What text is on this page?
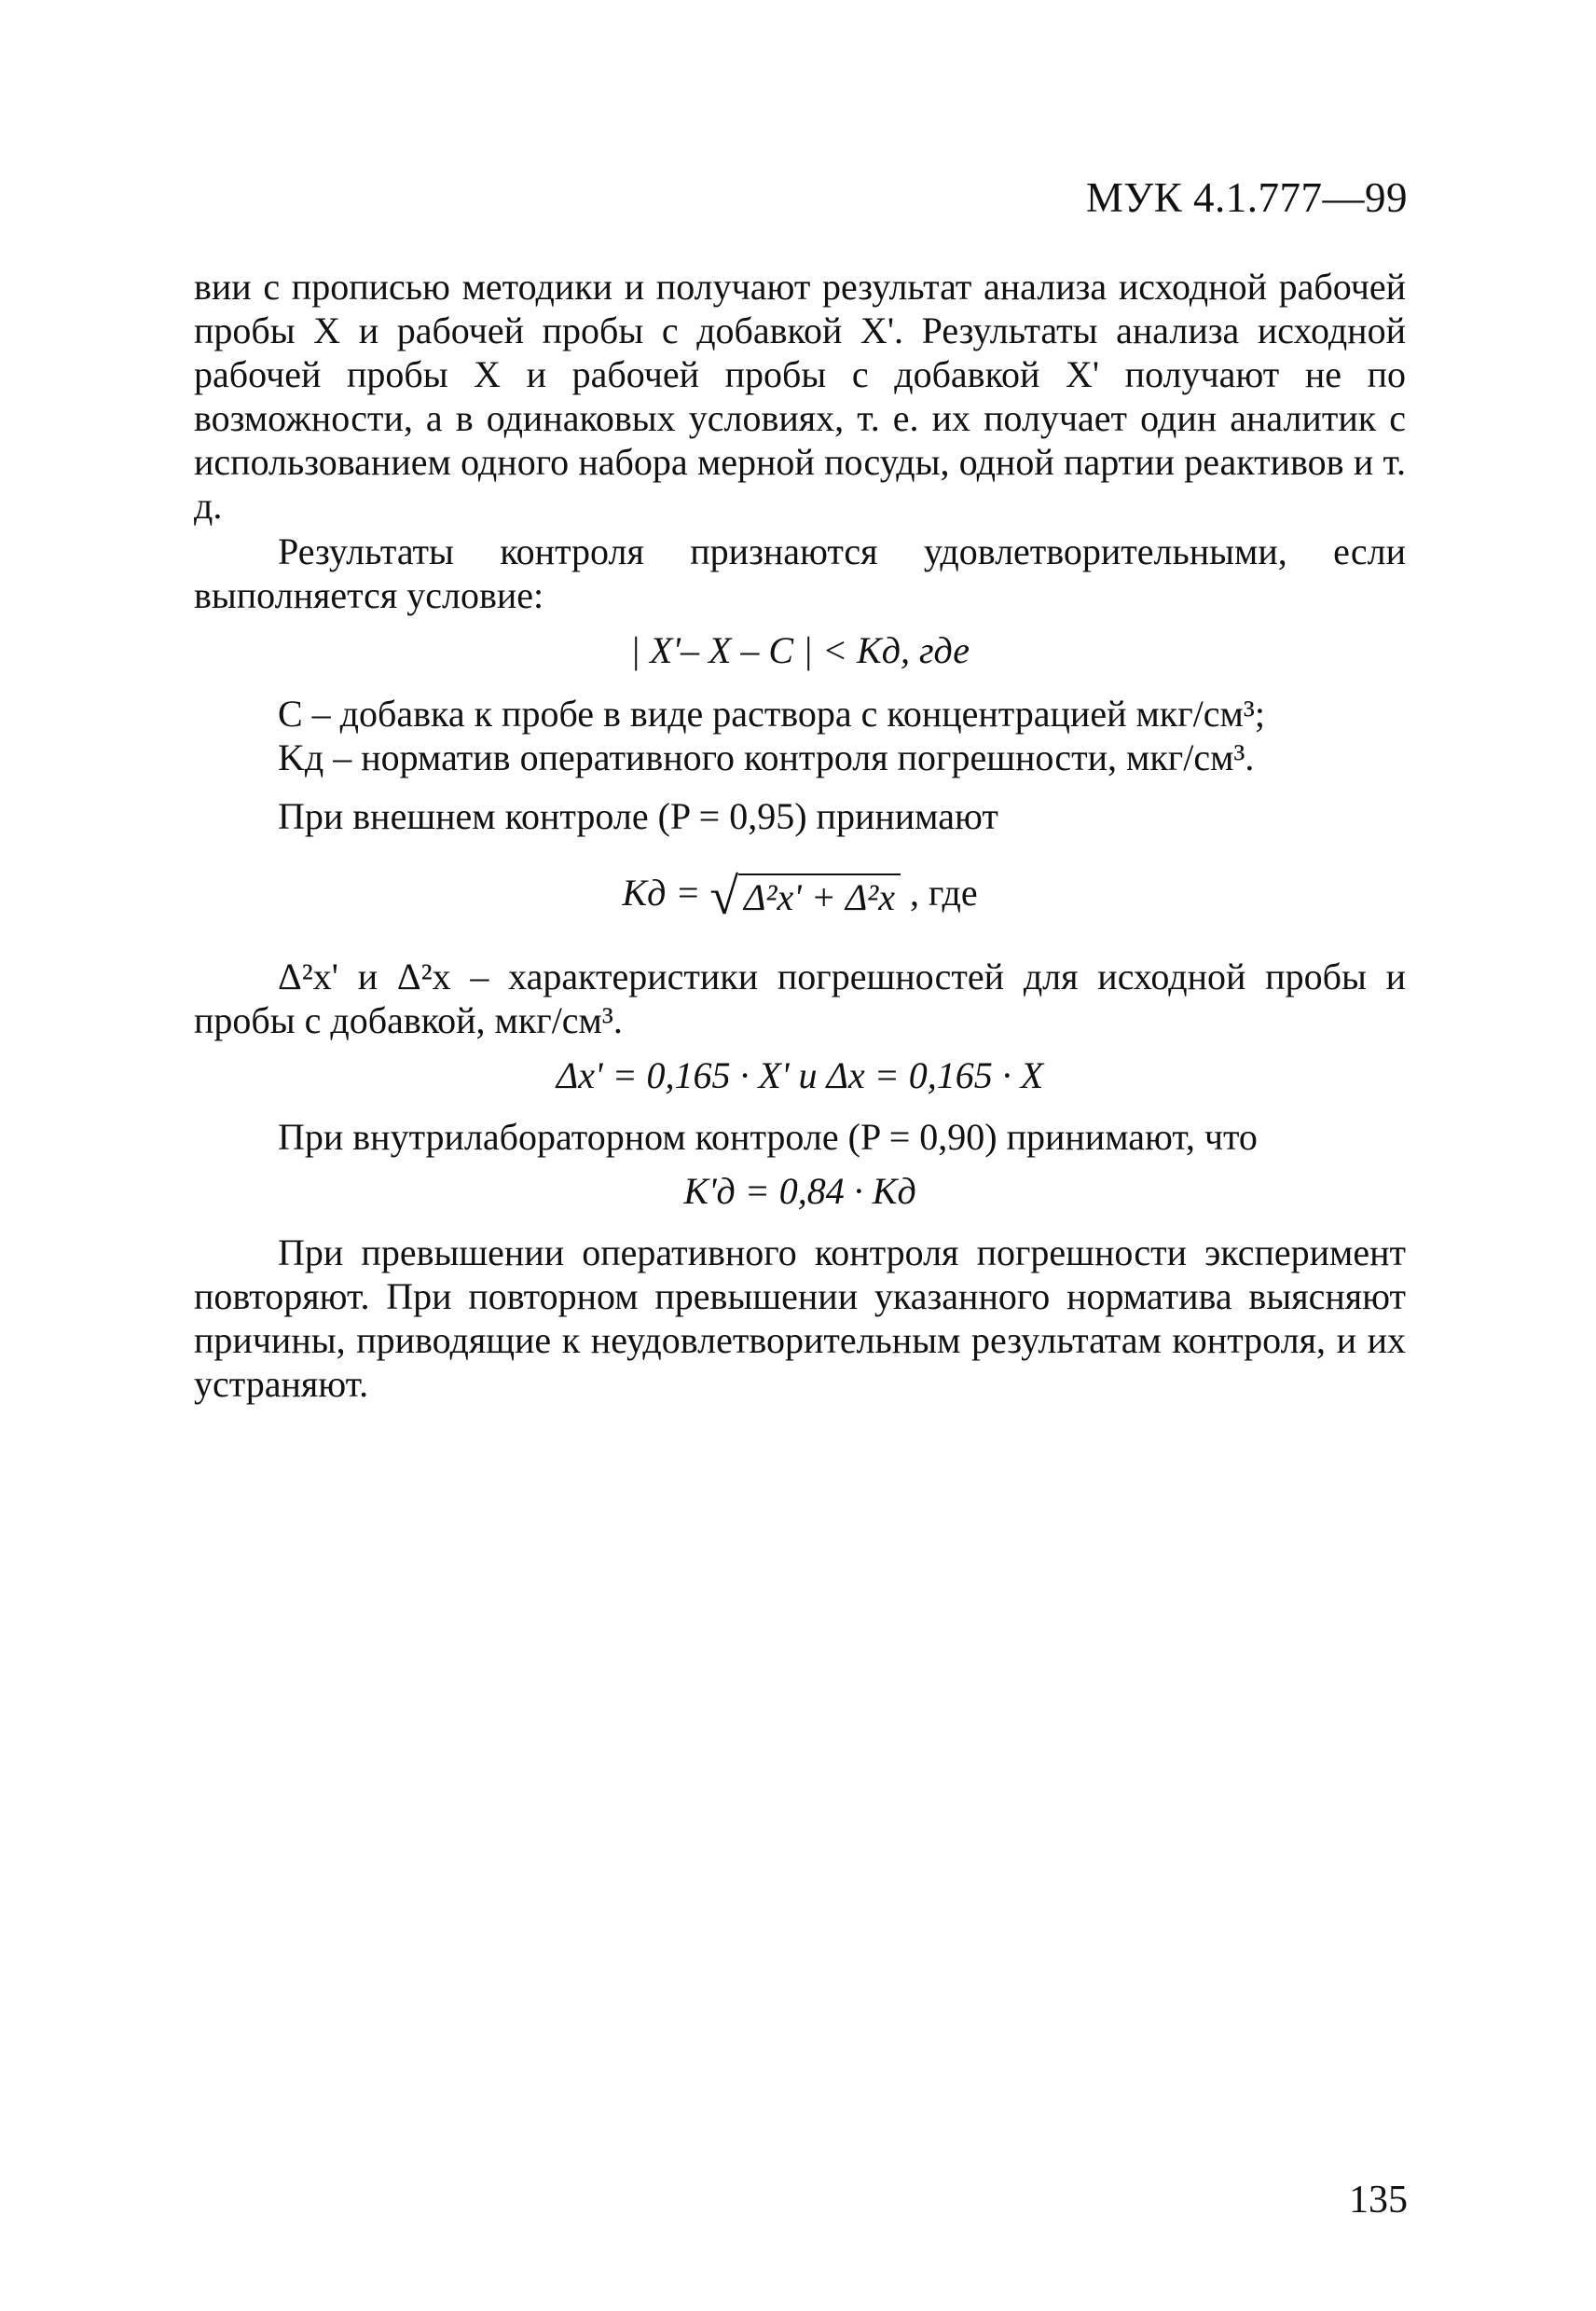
МУК 4.1.777—99
вии с прописью методики и получают результат анализа исходной рабочей пробы X и рабочей пробы с добавкой X'. Результаты анализа исходной рабочей пробы X и рабочей пробы с добавкой X' получают не по возможности, а в одинаковых условиях, т. е. их получает один аналитик с использованием одного набора мерной посуды, одной партии реактивов и т. д.
Результаты контроля признаются удовлетворительными, если выполняется условие:
| X'– X – C | < Kд, где
C – добавка к пробе в виде раствора с концентрацией мкг/см³;
Kд – норматив оперативного контроля погрешности, мкг/см³.
При внешнем контроле (P = 0,95) принимают
Kд = √ Δ²x' + Δ²x , где
Δ²x' и Δ²x – характеристики погрешностей для исходной пробы и пробы с добавкой, мкг/см³.
Δx' = 0,165 · X' и Δx = 0,165 · X
При внутрилабораторном контроле (P = 0,90) принимают, что
K'д = 0,84 · Kд
При превышении оперативного контроля погрешности эксперимент повторяют. При повторном превышении указанного норматива выясняют причины, приводящие к неудовлетворительным результатам контроля, и их устраняют.
135
